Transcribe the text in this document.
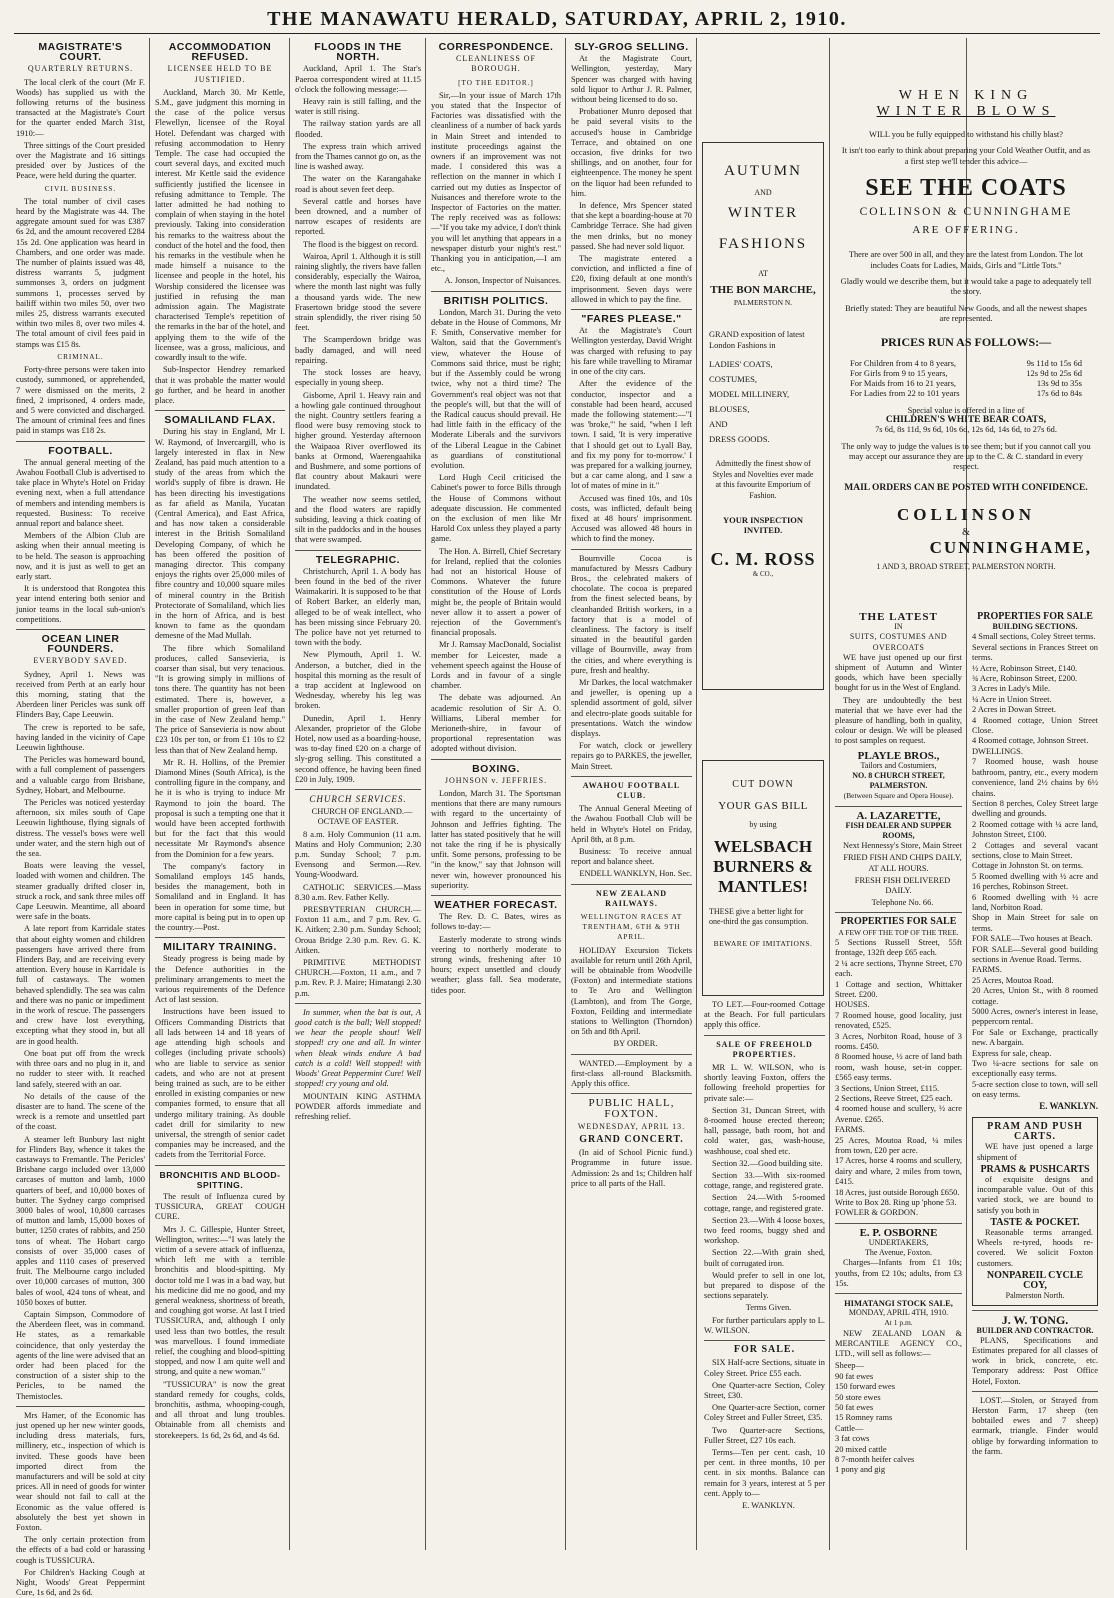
THE MANAWATU HERALD, SATURDAY, APRIL 2, 1910.
MAGISTRATE'S COURT.
QUARTERLY RETURNS.

The local clerk of the court (Mr F. Woods) has supplied us with the following returns of the business transacted at the Magistrate's Court for the quarter ended March 31st, 1910:—

Three sittings of the Court presided over the Magistrate and 16 sittings presided over by Justices of the Peace, were held during the quarter.

CIVIL BUSINESS.

The total number of civil cases heard by the Magistrate was 44. The aggregate amount sued for was £387 6s 2d, and the amount recovered £284 15s 2d. One application was heard in Chambers, and one order was made. The number of plaints issued was 48, distress warrants 5, judgment summonses 3, orders on judgment summons 1, processes served by bailiff within two miles 50, over two miles 25, distress warrants executed within two miles 8, over two miles 4. The total amount of civil fees paid in stamps was £15 8s.

CRIMINAL.

Forty-three persons were taken into custody, summoned, or apprehended, 7 were dismissed on the merits, 2 fined, 2 imprisoned, 4 orders made, and 5 were convicted and discharged. The amount of criminal fees and fines paid in stamps was £18 2s.

FOOTBALL.

The annual general meeting of the Awahou Football Club is advertised to take place in Whyte's Hotel on Friday evening next, when a full attendance of members and intending members is requested. Business: To receive annual report and balance sheet.

Members of the Albion Club are asking when their annual meeting is to be held. The season is approaching now, and it is just as well to get an early start.

It is understood that Rongotea this year intend entering both senior and junior teams in the local sub-union's competitions.

OCEAN LINER FOUNDERS.
EVERYBODY SAVED.

Sydney, April 1. News was received from Perth at an early hour this morning, stating that the Aberdeen liner Pericles was sunk off Flinders Bay, Cape Leeuwin.

The crew is reported to be safe, having landed in the vicinity of Cape Leeuwin lighthouse.

The Pericles was homeward bound, with a full complement of passengers and a valuable cargo from Brisbane, Sydney, Hobart, and Melbourne.

The Pericles was noticed yesterday afternoon, six miles south of Cape Leeuwin lighthouse, flying signals of distress. The vessel's bows were well under water, and the stern high out of the sea.

Boats were leaving the vessel, loaded with women and children. The steamer gradually drifted closer in, struck a rock, and sank three miles off Cape Leeuwin. Meantime, all aboard were safe in the boats.

A late report from Karridale states that about eighty women and children passengers have arrived there from Flinders Bay, and are receiving every attention. Every house in Karridale is full of castaways. The women behaved splendidly. The sea was calm and there was no panic or impediment in the work of rescue. The passengers and crew have lost everything, excepting what they stood in, but all are in good health.

One boat put off from the wreck with three oars and no plug in it, and no rudder to steer with. It reached land safely, steered with an oar.

No details of the cause of the disaster are to hand. The scene of the wreck is a remote and unsettled part of the coast.

A steamer left Bunbury last night for Flinders Bay, whence it takes the castaways to Fremantle. The Pericles' Brisbane cargo included over 13,000 carcases of mutton and lamb, 1000 quarters of beef, and 10,000 boxes of butter. The Sydney cargo comprised 3000 bales of wool, 10,800 carcases of mutton and lamb, 15,000 boxes of butter, 1250 crates of rabbits, and 250 tons of wheat. The Hobart cargo consists of over 35,000 cases of apples and 1110 cases of preserved fruit. The Melbourne cargo included over 10,000 carcases of mutton, 300 bales of wool, 424 tons of wheat, and 1050 boxes of butter.

Captain Simpson, Commodore of the Aberdeen fleet, was in command. He states, as a remarkable coincidence, that only yesterday the agents of the line were advised that an order had been placed for the construction of a sister ship to the Pericles, to be named the Themistocles.

Mrs Hamer, of the Economic has just opened up her new winter goods, including dress materials, furs, millinery, etc., inspection of which is invited. These goods have been imported direct from the manufacturers and will be sold at city prices. All in need of goods for winter wear should not fail to call at the Economic as the value offered is absolutely the best yet shown in Foxton.

The only certain protection from the effects of a bad cold or harassing cough is TUSSICURA.

For Children's Hacking Cough at Night, Woods' Great Peppermint Cure, 1s 6d, and 2s 6d.

ACCOMMODATION REFUSED.
LICENSEE HELD TO BE JUSTIFIED.

Auckland, March 30. Mr Kettle, S.M., gave judgment this morning in the case of the police versus Flewellyn, licensee of the Royal Hotel. Defendant was charged with refusing accommodation to Henry Temple. The case had occupied the court several days, and excited much interest. Mr Kettle said the evidence sufficiently justified the licensee in refusing admittance to Temple. The latter admitted he had nothing to complain of when staying in the hotel previously. Taking into consideration his remarks to the waitress about the conduct of the hotel and the food, then his remarks in the vestibule when he made himself a nuisance to the licensee and people in the hotel, his Worship considered the licensee was justified in refusing the man admission again. The Magistrate characterised Temple's repetition of the remarks in the bar of the hotel, and applying them to the wife of the licensee, was a gross, malicious, and cowardly insult to the wife.

Sub-Inspector Hendrey remarked that it was probable the matter would go further, and be heard in another place.

SOMALILAND FLAX.

During his stay in England, Mr I. W. Raymond, of Invercargill, who is largely interested in flax in New Zealand, has paid much attention to a study of the areas from which the world's supply of fibre is drawn. He has been directing his investigations as far afield as Manila, Yucatan (Central America), and East Africa, and has now taken a considerable interest in the British Somaliland Developing Company, of which he has been offered the position of managing director. This company enjoys the rights over 25,000 miles of fibre country and 10,000 square miles of mineral country in the British Protectorate of Somaliland, which lies in the horn of Africa, and is best known to fame as the quondam demesne of the Mad Mullah.

The fibre which Somaliland produces, called Sansevieria, is coarser than sisal, but very tenacious. "It is growing simply in millions of tons there. The quantity has not been estimated. There is, however, a smaller proportion of green leaf than in the case of New Zealand hemp." The price of Sansevieria is now about £23 10s per ton, or from £1 10s to £2 less than that of New Zealand hemp.

Mr R. H. Hollins, of the Premier Diamond Mines (South Africa), is the controlling figure in the company, and he it is who is trying to induce Mr Raymond to join the board. The proposal is such a tempting one that it would have been accepted forthwith but for the fact that this would necessitate Mr Raymond's absence from the Dominion for a few years.

The company's factory in Somaliland employs 145 hands, besides the management, both in Somaliland and in England. It has been in operation for some time, but more capital is being put in to open up the country.—Post.

MILITARY TRAINING.

Steady progress is being made by the Defence authorities in the preliminary arrangements to meet the various requirements of the Defence Act of last session.

Instructions have been issued to Officers Commanding Districts that all lads between 14 and 18 years of age attending high schools and colleges (including private schools) who are liable to service as senior cadets, and who are not at present being trained as such, are to be either enrolled in existing companies or new companies formed, to ensure that all undergo military training. As double cadet drill for similarity to new universal, the strength of senior cadet companies may be increased, and the cadets from the Territorial Force.

BRONCHITIS AND BLOOD-SPITTING.

The result of Influenza cured by TUSSICURA, GREAT COUGH CURE.

Mrs J. C. Gillespie, Hunter Street, Wellington, writes:—"I was lately the victim of a severe attack of influenza, which left me with a terrible bronchitis and blood-spitting. My doctor told me I was in a bad way, but his medicine did me no good, and my general weakness, shortness of breath, and coughing got worse. At last I tried TUSSICURA, and, although I only used less than two bottles, the result was marvellous. I found immediate relief, the coughing and blood-spitting stopped, and now I am quite well and strong, and quite a new woman."

"TUSSICURA" is now the great standard remedy for coughs, colds, bronchitis, asthma, whooping-cough, and all throat and lung troubles. Obtainable from all chemists and storekeepers. 1s 6d, 2s 6d, and 4s 6d.

FLOODS IN THE NORTH.

Auckland, April 1. The Star's Paeroa correspondent wired at 11.15 o'clock the following message:—

Heavy rain is still falling, and the water is still rising.

The railway station yards are all flooded.

The express train which arrived from the Thames cannot go on, as the line is washed away.

The water on the Karangahake road is about seven feet deep.

Several cattle and horses have been drowned, and a number of narrow escapes of residents are reported.

The flood is the biggest on record.

Wairoa, April 1. Although it is still raining slightly, the rivers have fallen considerably, especially the Wairoa, where the month last night was fully a thousand yards wide. The new Frasertown bridge stood the severe strain splendidly, the river rising 50 feet.

The Scamperdown bridge was badly damaged, and will need repairing.

The stock losses are heavy, especially in young sheep.

Gisborne, April 1. Heavy rain and a howling gale continued throughout the night. Country settlers fearing a flood were busy removing stock to higher ground. Yesterday afternoon the Waipaoa River overflowed its banks at Ormond, Waerengaahika and Bushmere, and some portions of flat country about Makauri were inundated.

The weather now seems settled, and the flood waters are rapidly subsiding, leaving a thick coating of silt in the paddocks and in the houses that were swamped.

TELEGRAPHIC.

Christchurch, April 1. A body has been found in the bed of the river Waimakariri. It is supposed to be that of Robert Barker, an elderly man, alleged to be of weak intellect, who has been missing since February 20. The police have not yet returned to town with the body.

New Plymouth, April 1. W. Anderson, a butcher, died in the hospital this morning as the result of a trap accident at Inglewood on Wednesday, whereby his leg was broken.

Dunedin, April 1. Henry Alexander, proprietor of the Globe Hotel, now used as a boarding-house, was to-day fined £20 on a charge of sly-grog selling. This constituted a second offence, he having been fined £20 in July, 1909.

CHURCH SERVICES.

CHURCH OF ENGLAND.—OCTAVE OF EASTER.

8 a.m. Holy Communion (11 a.m. Matins and Holy Communion; 2.30 p.m. Sunday School; 7 p.m. Evensong and Sermon.—Rev. Young-Woodward.

CATHOLIC SERVICES.—Mass 8.30 a.m. Rev. Father Kelly.

PRESBYTERIAN CHURCH.—Foxton 11 a.m., and 7 p.m. Rev. G. K. Aitken; 2.30 p.m. Sunday School; Oroua Bridge 2.30 p.m. Rev. G. K. Aitken.

PRIMITIVE METHODIST CHURCH.—Foxton, 11 a.m., and 7 p.m. Rev. P. J. Maire; Himatangi 2.30 p.m.

In summer, when the bat is out, A good catch is the ball; Well stopped! we hear the people shout! Well stopped! cry one and all. In winter when bleak winds endure A bad catch is a cold! Well stopped! with Woods' Great Peppermint Cure! Well stopped! cry young and old.

MOUNTAIN KING ASTHMA POWDER affords immediate and refreshing relief.

CORRESPONDENCE.
CLEANLINESS OF BOROUGH.
[TO THE EDITOR.]

Sir,—In your issue of March 17th you stated that the Inspector of Factories was dissatisfied with the cleanliness of a number of back yards in Main Street and intended to institute proceedings against the owners if an improvement was not made. I considered this was a reflection on the manner in which I carried out my duties as Inspector of Nuisances and therefore wrote to the Inspector of Factories on the matter. The reply received was as follows:—"If you take my advice, I don't think you will let anything that appears in a newspaper disturb your night's rest." Thanking you in anticipation,—I am etc.,

A. Jonson, Inspector of Nuisances.

BRITISH POLITICS.

London, March 31. During the veto debate in the House of Commons, Mr F. Smith, Conservative member for Walton, said that the Government's view, whatever the House of Commons said thrice, must be right; but if the Assembly could be wrong twice, why not a third time? The Government's real object was not that the people's will, but that the will of the Radical caucus should prevail. He had little faith in the efficacy of the Moderate Liberals and the survivors of the Liberal League in the Cabinet as guardians of constitutional evolution.

Lord Hugh Cecil criticised the Cabinet's power to force Bills through the House of Commons without adequate discussion. He commented on the exclusion of men like Mr Harold Cox unless they played a party game.

The Hon. A. Birrell, Chief Secretary for Ireland, replied that the colonies had not an historical House of Commons. Whatever the future constitution of the House of Lords might be, the people of Britain would never allow it to assert a power of rejection of the Government's financial proposals.

Mr J. Ramsay MacDonald, Socialist member for Leicester, made a vehement speech against the House of Lords and in favour of a single chamber.

The debate was adjourned. An academic resolution of Sir A. O. Williams, Liberal member for Merioneth-shire, in favour of proportional representation was adopted without division.

BOXING.
JOHNSON v. JEFFRIES.

London, March 31. The Sportsman mentions that there are many rumours with regard to the uncertainty of Johnson and Jeffries fighting. The latter has stated positively that he will not take the ring if he is physically unfit. Some persons, professing to be "in the know," say that Johnson will never win, however pronounced his superiority.

WEATHER FORECAST.

The Rev. D. C. Bates, wires as follows to-day:—

Easterly moderate to strong winds veering to northerly moderate to strong winds, freshening after 10 hours; expect unsettled and cloudy weather; glass fall. Sea moderate, tides poor.

SLY-GROG SELLING.

At the Magistrate Court, Wellington, yesterday, Mary Spencer was charged with having sold liquor to Arthur J. R. Palmer, without being licensed to do so.

Probationer Munro deposed that he paid several visits to the accused's house in Cambridge Terrace, and obtained on one occasion, five drinks for two shillings, and on another, four for eighteenpence. The money he spent on the liquor had been refunded to him.

In defence, Mrs Spencer stated that she kept a boarding-house at 70 Cambridge Terrace. She had given the men drinks, but no money passed. She had never sold liquor.

The magistrate entered a conviction, and inflicted a fine of £20, fixing default at one month's imprisonment. Seven days were allowed in which to pay the fine.

"FARES PLEASE."

At the Magistrate's Court Wellington yesterday, David Wright was charged with refusing to pay his fare while travelling to Miramar in one of the city cars.

After the evidence of the conductor, inspector and a constable had been heard, accused made the following statement:—"I was 'broke,'" he said, "when I left town. I said, 'It is very imperative that I should get out to Lyall Bay, and fix my pony for to-morrow.' I was prepared for a walking journey, but a car came along, and I saw a lot of mates of mine in it."

Accused was fined 10s, and 10s costs, was inflicted, default being fixed at 48 hours' imprisonment. Accused was allowed 48 hours in which to find the money.

Bournville Cocoa is manufactured by Messrs Cadbury Bros., the celebrated makers of chocolate. The cocoa is prepared from the finest selected beans, by cleanhanded British workers, in a factory that is a model of cleanliness. The factory is itself situated in the beautiful garden village of Bournville, away from the cities, and where everything is pure, fresh and healthy.

Mr Darkes, the local watchmaker and jeweller, is opening up a splendid assortment of gold, silver and electro-plate goods suitable for presentations. Watch the window displays.

For watch, clock or jewellery repairs go to PARKES, the jeweller, Main Street.

AWAHOU FOOTBALL CLUB.

The Annual General Meeting of the Awahou Football Club will be held in Whyte's Hotel on Friday, April 8th, at 8 p.m.

Business: To receive annual report and balance sheet.

ENDELL WANKLYN, Hon. Sec.

NEW ZEALAND RAILWAYS.
WELLINGTON RACES AT TRENTHAM, 6TH & 9TH APRIL.

HOLIDAY Excursion Tickets available for return until 26th April, will be obtainable from Woodville (Foxton) and intermediate stations to Te Aro and Wellington (Lambton), and from The Gorge, Foxton, Feilding and intermediate stations to Wellington (Thorndon) on 5th and 8th April.

BY ORDER.

WANTED.—Employment by a first-class all-round Blacksmith. Apply this office.

PUBLIC HALL, FOXTON.
WEDNESDAY, APRIL 13.
GRAND CONCERT.

(In aid of School Picnic fund.) Programme in future issue. Admission: 2s and 1s; Children half price to all parts of the Hall.

AUTUMN
AND
WINTER
FASHIONS
AT
THE BON MARCHE,
PALMERSTON N.
GRAND exposition of latest London Fashions in
LADIES' COATS,
COSTUMES,
MODEL MILLINERY,
BLOUSES,
AND
DRESS GOODS.
Admittedly the finest show of Styles and Novelties ever made at this favourite Emporium of Fashion.
YOUR INSPECTION INVITED.
C. M. ROSS
& CO.,
CUT DOWN
YOUR GAS BILL
by using
WELSBACH
BURNERS &
MANTLES!
THESE give a better light for one-third the gas consumption.
BEWARE OF IMITATIONS.

TO LET.—Four-roomed Cottage at the Beach. For full particulars apply this office.

SALE OF FREEHOLD PROPERTIES.

MR L. W. WILSON, who is shortly leaving Foxton, offers the following freehold properties for private sale:—

Section 31, Duncan Street, with 8-roomed house erected thereon; hall, passage, bath room, hot and cold water, gas, wash-house, washhouse, coal shed etc.

Section 32.—Good building site.

Section 33.—With six-roomed cottage, range, and registered grate.

Section 24.—With 5-roomed cottage, range, and registered grate.

Section 23.—With 4 loose boxes, two feed rooms, buggy shed and workshop.

Section 22.—With grain shed, built of corrugated iron.

Would prefer to sell in one lot, but prepared to dispose of the sections separately.

Terms Given.

For further particulars apply to L. W. WILSON.

FOR SALE.

SIX Half-acre Sections, situate in Coley Street. Price £55 each.

One Quarter-acre Section, Coley Street, £30.

One Quarter-acre Section, corner Coley Street and Fuller Street, £35.

Two Quarter-acre Sections, Fuller Street, £27 10s each.

Terms—Ten per cent. cash, 10 per cent. in three months, 10 per cent. in six months. Balance can remain for 3 years, interest at 5 per cent. Apply to—

E. WANKLYN.

WHEN KING
WINTER BLOWS
WILL you be fully equipped to withstand his chilly blast?
It isn't too early to think about preparing your Cold Weather Outfit, and as a first step we'll tender this advice—
SEE THE COATS
COLLINSON & CUNNINGHAME
ARE OFFERING.
There are over 500 in all, and they are the latest from London. The lot includes Coats for Ladies, Maids, Girls and "Little Tots."
Gladly would we describe them, but it would take a page to adequately tell the story.
Briefly stated: They are beautiful New Goods, and all the newest shapes are represented.
PRICES RUN AS FOLLOWS:—
For Children from 4 to 8 years,	9s 11d to 15s 6d
For Girls from 9 to 15 years,	12s 9d to 25s 6d
For Maids from 16 to 21 years,	13s 9d to 35s
For Ladies from 22 to 101 years	17s 6d to 84s
Special value is offered in a line of
CHILDREN'S WHITE BEAR COATS,
7s 6d, 8s 11d, 9s 6d, 10s 6d, 12s 6d, 14s 6d, to 27s 6d.
The only way to judge the values is to see them; but if you cannot call you may accept our assurance they are up to the C. & C. standard in every respect.
MAIL ORDERS CAN BE POSTED WITH CONFIDENCE.
COLLINSON
&
CUNNINGHAME,
1 AND 3, BROAD STREET, PALMERSTON NORTH.
THE LATEST
IN
SUITS, COSTUMES AND OVERCOATS

WE have just opened up our first shipment of Autumn and Winter goods, which have been specially bought for us in the West of England.

They are undoubtedly the best material that we have ever had the pleasure of handling, both in quality, colour or design. We will be pleased to post samples on request.

PLAYLE BROS.,
Tailors and Costumiers,
NO. 8 CHURCH STREET, PALMERSTON.
(Between Square and Opera House).
A. LAZARETTE,
FISH DEALER AND SUPPER ROOMS,

Next Hennessy's Store, Main Street

FRIED FISH AND CHIPS DAILY, AT ALL HOURS.

FRESH FISH DELIVERED DAILY.

Telephone No. 66.

PROPERTIES FOR SALE
A FEW OFF THE TOP OF THE TREE.
5 Sections Russell Street, 55ft frontage, 132ft deep £65 each.
2 ¼ acre sections, Thynne Street, £70 each.
1 Cottage and section, Whittaker Street. £200.
HOUSES.
7 Roomed house, good locality, just renovated, £525.
3 Acres, Norbiton Road, house of 3 rooms. £450.
8 Roomed house, ½ acre of land bath room, wash house, set-in copper. £565 easy terms.
3 Sections, Union Street, £115.
2 Sections, Reeve Street, £25 each.
4 roomed house and scullery, ½ acre Avenue. £265.
FARMS.
25 Acres, Moutoa Road, ¼ miles from town, £20 per acre.
17 Acres, horse 4 rooms and scullery, dairy and whare, 2 miles from town, £415.
18 Acres, just outside Borough £650.
Write to Box 28. Ring up 'phone 53.
FOWLER & GORDON.
E. P. OSBORNE
UNDERTAKERS,
The Avenue, Foxton.

Charges—Infants from £1 10s; youths, from £2 10s; adults, from £3 15s.

HIMATANGI STOCK SALE,
MONDAY, APRIL 4TH, 1910.
At 1 p.m.

NEW ZEALAND LOAN & MERCANTILE AGENCY CO., LTD., will sell as follows:—

Sheep—
90 fat ewes
150 forward ewes
50 store ewes
50 fat ewes
15 Romney rams
Cattle—
3 fat cows
20 mixed cattle
8 7-month heifer calves
1 pony and gig
PROPERTIES FOR SALE
BUILDING SECTIONS.
4 Small sections, Coley Street terms.
Several sections in Frances Street on terms.
½ Acre, Robinson Street, £140.
¾ Acre, Robinson Street, £200.
3 Acres in Lady's Mile.
¼ Acre in Union Street.
2 Acres in Dowan Street.
4 Roomed cottage, Union Street Close.
4 Roomed cottage, Johnson Street.
DWELLINGS.
7 Roomed house, wash house bathroom, pantry, etc., every modern convenience, land 2½ chains by 6½ chains.
Section 8 perches, Coley Street large dwelling and grounds.
2 Roomed cottage with ¼ acre land, Johnston Street, £100.
2 Cottages and several vacant sections, close to Main Street.
Cottage in Johnston St. on terms.
5 Roomed dwelling with ½ acre and 16 perches, Robinson Street.
6 Roomed dwelling with ½ acre land, Norbiton Road.
Shop in Main Street for sale on terms.
FOR SALE—Two houses at Beach.
FOR SALE—Several good building sections in Avenue Road. Terms.
FARMS.
25 Acres, Moutoa Road.
20 Acres, Union St., with 8 roomed cottage.
5000 Acres, owner's interest in lease, peppercorn rental.
For Sale or Exchange, practically new. A bargain.
Express for sale, cheap.
Two ¼-acre sections for sale on exceptionally easy terms.
5-acre section close to town, will sell on easy terms.
E. WANKLYN.
PRAM AND PUSH CARTS.

WE have just opened a large shipment of

PRAMS & PUSHCARTS

of exquisite designs and incomparable value. Out of this varied stock, we are bound to satisfy you both in

TASTE & POCKET.

Reasonable terms arranged. Wheels re-tyred, hoods re-covered. We solicit Foxton customers.

NONPAREIL CYCLE COY,
Palmerston North.
J. W. TONG.
BUILDER AND CONTRACTOR.

PLANS, Specifications and Estimates prepared for all classes of work in brick, concrete, etc. Temporary address: Post Office Hotel, Foxton.

LOST.—Stolen, or Strayed from Herston Farm, 17 sheep (ten bobtailed ewes and 7 sheep) earmark, triangle. Finder would oblige by forwarding information to the farm.
